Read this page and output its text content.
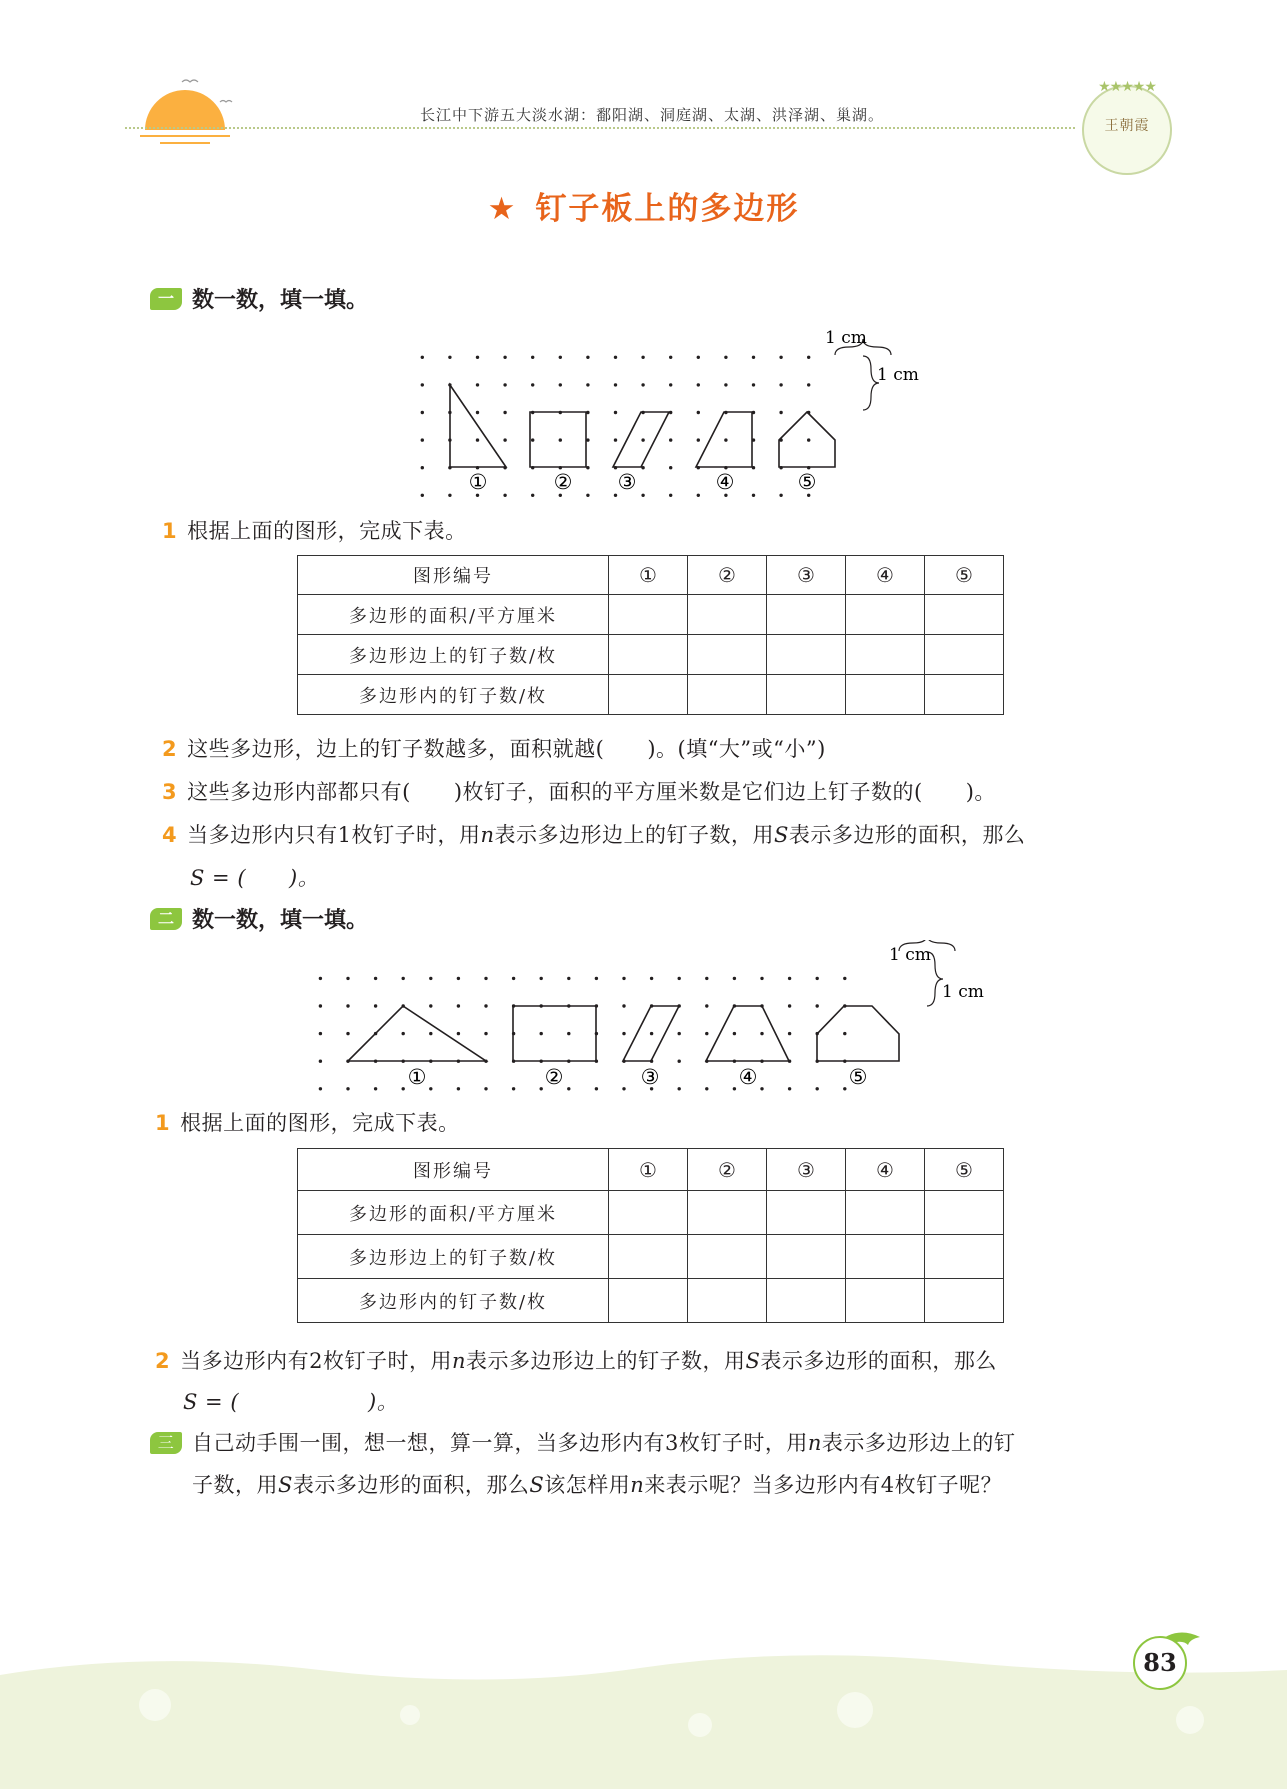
长江中下游五大淡水湖：鄱阳湖、洞庭湖、太湖、洪泽湖、巢湖。
★★★★★
王朝霞
★ 钉子板上的多边形
一 数一数，填一填。
1 cm
1 cm
①	② ③	④	⑤
1 根据上面的图形，完成下表。
图形编号	①	②	③	④	⑤
多边形的面积/平方厘米					
多边形边上的钉子数/枚					
多边形内的钉子数/枚					
2 这些多边形，边上的钉子数越多，面积就越(　　)。(填“大”或“小”)
3 这些多边形内部都只有(　　)枚钉子，面积的平方厘米数是它们边上钉子数的(　　)。
4 当多边形内只有1枚钉子时，用n表示多边形边上的钉子数，用S表示多边形的面积，那么
S = (　　)。
二 数一数，填一填。
1 cm
1 cm
①	②	③	④	⑤
1 根据上面的图形，完成下表。
图形编号	①	②	③	④	⑤
多边形的面积/平方厘米					
多边形边上的钉子数/枚					
多边形内的钉子数/枚					
2 当多边形内有2枚钉子时，用n表示多边形边上的钉子数，用S表示多边形的面积，那么
S = (　　　　　　)。
三 自己动手围一围，想一想，算一算，当多边形内有3枚钉子时，用n表示多边形边上的钉
子数，用S表示多边形的面积，那么S该怎样用n来表示呢？当多边形内有4枚钉子呢？
83
